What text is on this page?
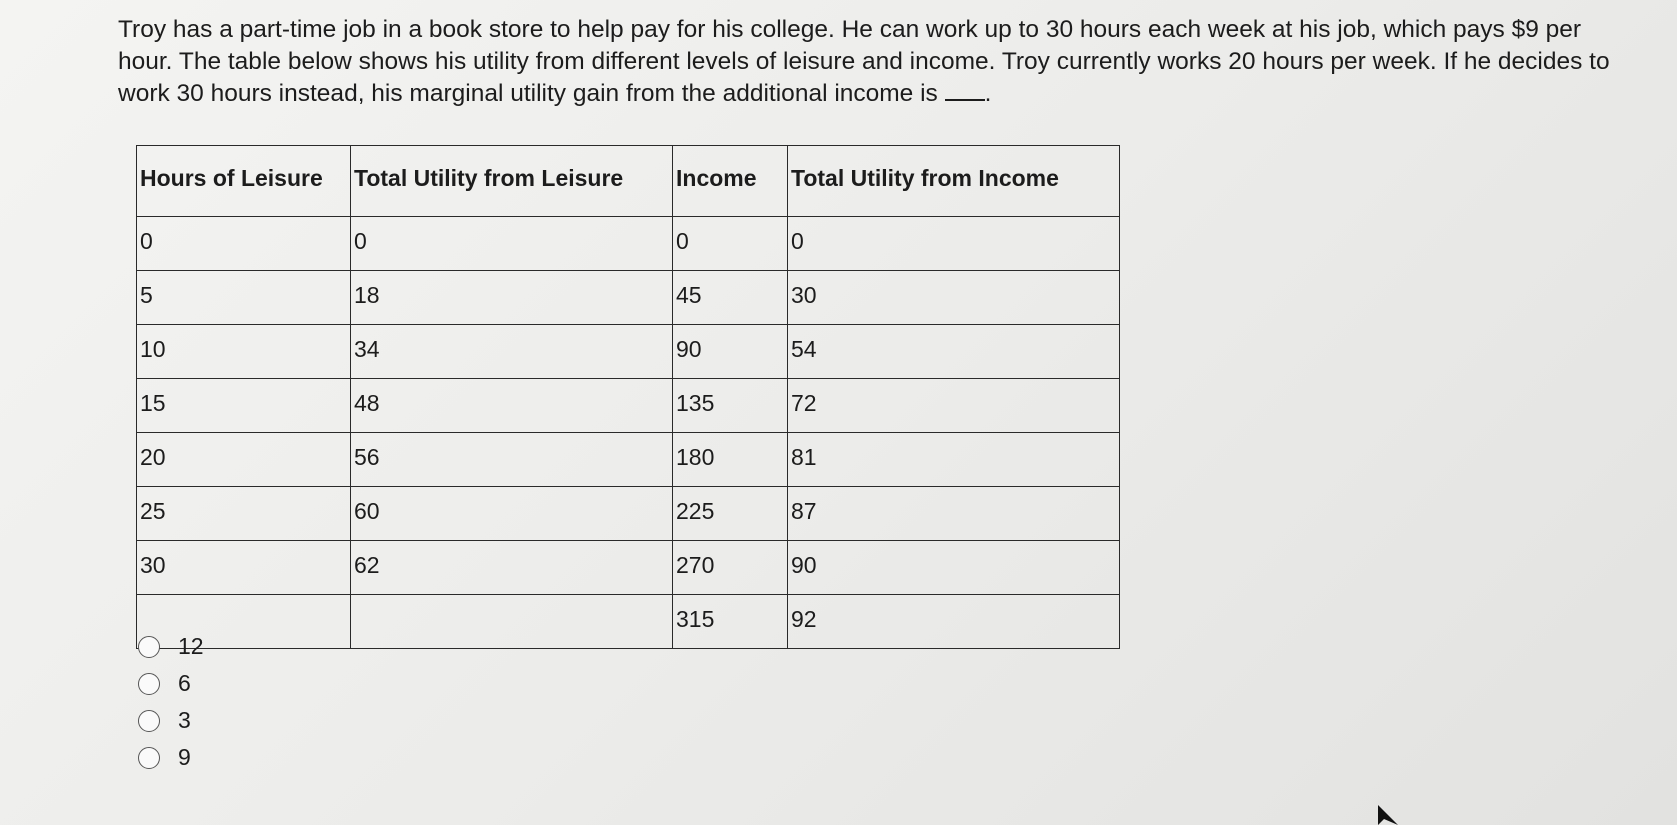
Troy has a part-time job in a book store to help pay for his college. He can work up to 30 hours each week at his job, which pays $9 per hour. The table below shows his utility from different levels of leisure and income. Troy currently works 20 hours per week. If he decides to work 30 hours instead, his marginal utility gain from the additional income is .

Hours of Leisure	Total Utility from Leisure	Income	Total Utility from Income
0	0	0	0
5	18	45	30
10	34	90	54
15	48	135	72
20	56	180	81
25	60	225	87
30	62	270	90
		315	92
12
6
3
9
